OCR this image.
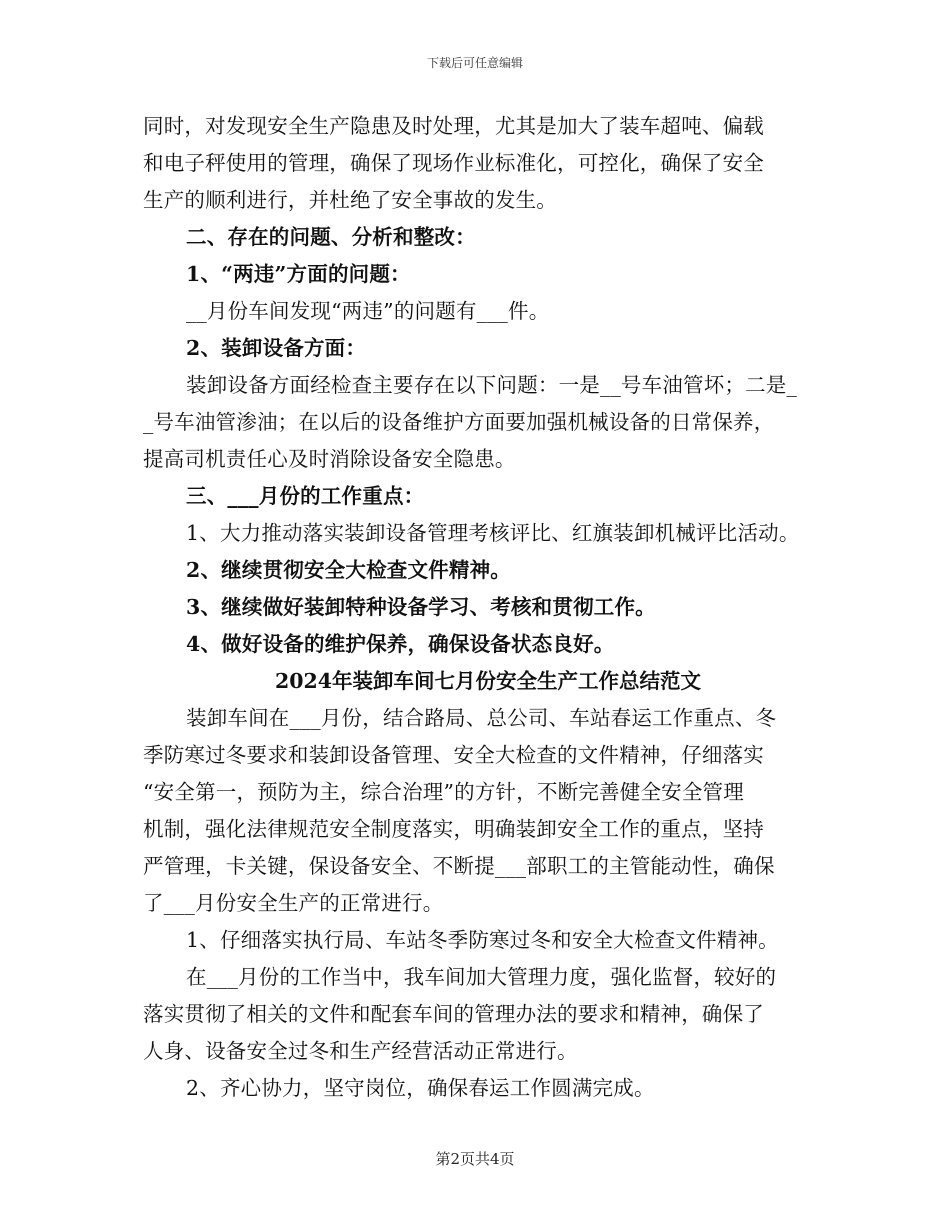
下载后可任意编辑
同时，对发现安全生产隐患及时处理，尤其是加大了装车超吨、偏载
和电子秤使用的管理，确保了现场作业标准化，可控化，确保了安全
生产的顺利进行，并杜绝了安全事故的发生。
二、存在的问题、分析和整改：
1、“两违”方面的问题：
__月份车间发现“两违”的问题有___件。
2、装卸设备方面：
装卸设备方面经检查主要存在以下问题：一是__号车油管坏；二是_
_号车油管渗油；在以后的设备维护方面要加强机械设备的日常保养，
提高司机责任心及时消除设备安全隐患。
三、___月份的工作重点：
1、大力推动落实装卸设备管理考核评比、红旗装卸机械评比活动。
2、继续贯彻安全大检查文件精神。
3、继续做好装卸特种设备学习、考核和贯彻工作。
4、做好设备的维护保养，确保设备状态良好。
2024年装卸车间七月份安全生产工作总结范文
装卸车间在___月份，结合路局、总公司、车站春运工作重点、冬
季防寒过冬要求和装卸设备管理、安全大检查的文件精神，仔细落实
“安全第一，预防为主，综合治理”的方针，不断完善健全安全管理
机制，强化法律规范安全制度落实，明确装卸安全工作的重点，坚持
严管理，卡关键，保设备安全、不断提___部职工的主管能动性，确保
了___月份安全生产的正常进行。
1、仔细落实执行局、车站冬季防寒过冬和安全大检查文件精神。
在___月份的工作当中，我车间加大管理力度，强化监督，较好的
落实贯彻了相关的文件和配套车间的管理办法的要求和精神，确保了
人身、设备安全过冬和生产经营活动正常进行。
2、齐心协力，坚守岗位，确保春运工作圆满完成。
第2页共4页
